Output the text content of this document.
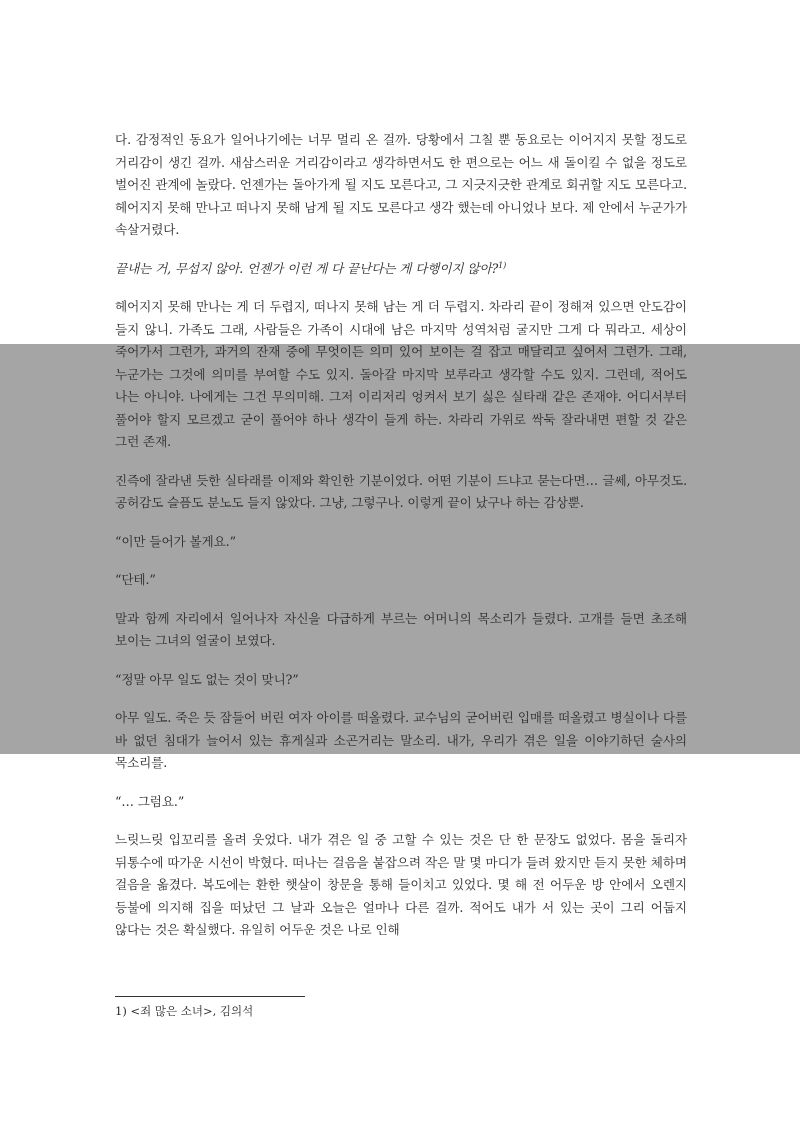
다. 감정적인 동요가 일어나기에는 너무 멀리 온 걸까. 당황에서 그칠 뿐 동요로는 이어지지 못할 정도로 거리감이 생긴 걸까. 새삼스러운 거리감이라고 생각하면서도 한 편으로는 어느 새 돌이킬 수 없을 정도로 벌어진 관계에 놀랐다. 언젠가는 돌아가게 될 지도 모른다고, 그 지긋지긋한 관계로 회귀할 지도 모른다고. 헤어지지 못해 만나고 떠나지 못해 남게 될 지도 모른다고 생각 했는데 아니었나 보다. 제 안에서 누군가가 속살거렸다.

끝내는 거, 무섭지 않아. 언젠가 이런 게 다 끝난다는 게 다행이지 않아?$^{1)}$

헤어지지 못해 만나는 게 더 두렵지, 떠나지 못해 남는 게 더 두렵지. 차라리 끝이 정해져 있으면 안도감이 들지 않니. 가족도 그래, 사람들은 가족이 시대에 남은 마지막 성역처럼 굴지만 그게 다 뭐라고. 세상이 죽어가서 그런가, 과거의 잔재 중에 무엇이든 의미 있어 보이는 걸 잡고 매달리고 싶어서 그런가. 그래, 누군가는 그것에 의미를 부여할 수도 있지. 돌아갈 마지막 보루라고 생각할 수도 있지. 그런데, 적어도 나는 아니야. 나에게는 그건 무의미해. 그저 이리저리 엉켜서 보기 싫은 실타래 같은 존재야. 어디서부터 풀어야 할지 모르겠고 굳이 풀어야 하나 생각이 들게 하는. 차라리 가위로 싹둑 잘라내면 편할 것 같은 그런 존재.

진즉에 잘라낸 듯한 실타래를 이제와 확인한 기분이었다. 어떤 기분이 드냐고 묻는다면… 글쎄, 아무것도. 공허감도 슬픔도 분노도 들지 않았다. 그냥, 그렇구나. 이렇게 끝이 났구나 하는 감상뿐.

“이만 들어가 볼게요.”

“단테.”

말과 함께 자리에서 일어나자 자신을 다급하게 부르는 어머니의 목소리가 들렸다. 고개를 들면 초조해 보이는 그녀의 얼굴이 보였다.

“정말 아무 일도 없는 것이 맞니?”

아무 일도. 죽은 듯 잠들어 버린 여자 아이를 떠올렸다. 교수님의 굳어버린 입매를 떠올렸고 병실이나 다를 바 없던 침대가 늘어서 있는 휴게실과 소곤거리는 말소리. 내가, 우리가 겪은 일을 이야기하던 술사의 목소리를.

“… 그럼요.”

느릿느릿 입꼬리를 올려 웃었다. 내가 겪은 일 중 고할 수 있는 것은 단 한 문장도 없었다. 몸을 돌리자 뒤통수에 따가운 시선이 박혔다. 떠나는 걸음을 붙잡으려 작은 말 몇 마디가 들려 왔지만 듣지 못한 체하며 걸음을 옮겼다. 복도에는 환한 햇살이 창문을 통해 들이치고 있었다. 몇 해 전 어두운 방 안에서 오렌지 등불에 의지해 집을 떠났던 그 날과 오늘은 얼마나 다른 걸까. 적어도 내가 서 있는 곳이 그리 어둡지 않다는 것은 확실했다. 유일히 어두운 것은 나로 인해

1) <죄 많은 소녀>, 김의석
